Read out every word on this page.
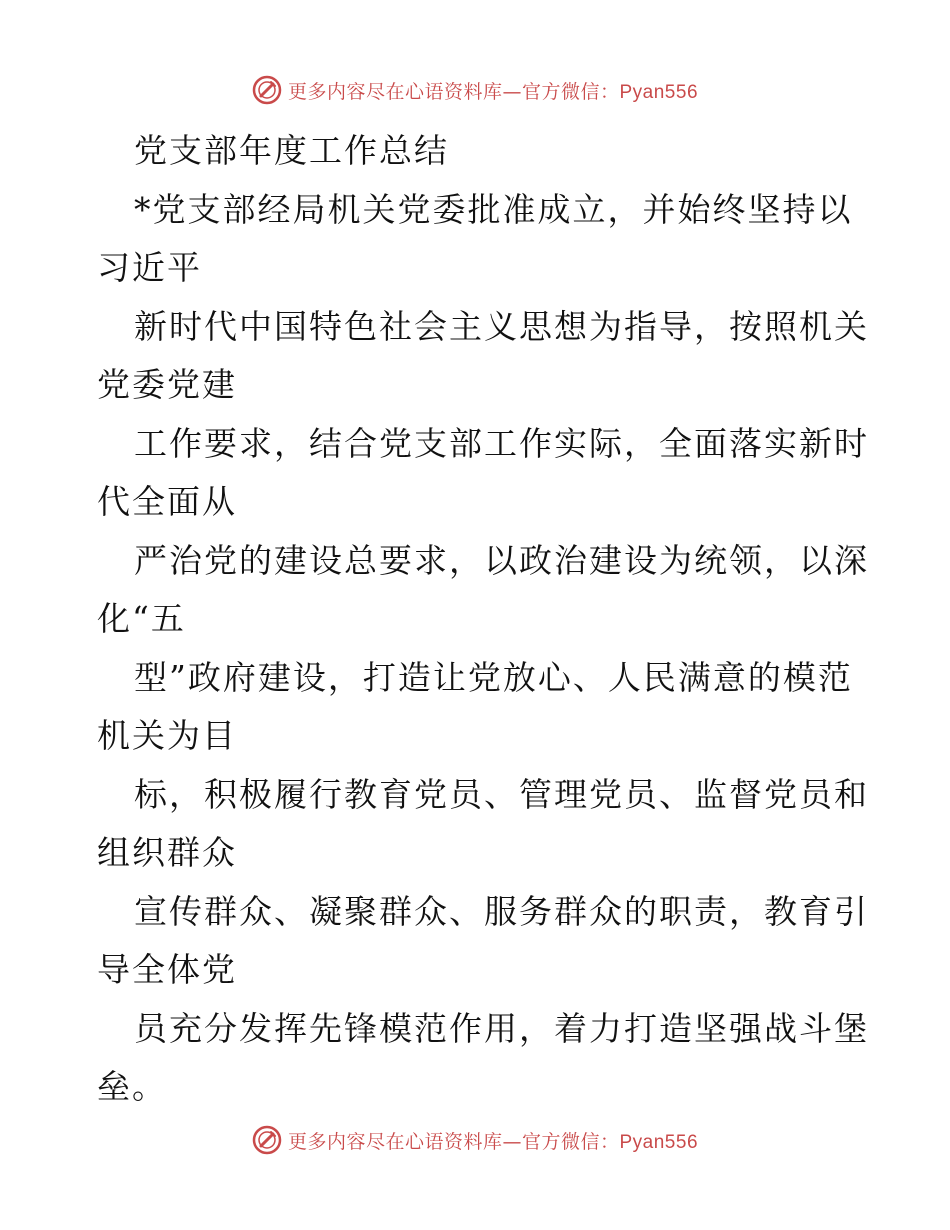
更多内容尽在心语资料库—官方微信：Pyan556
党支部年度工作总结
*党支部经局机关党委批准成立，并始终坚持以
习近平
新时代中国特色社会主义思想为指导，按照机关
党委党建
工作要求，结合党支部工作实际，全面落实新时
代全面从
严治党的建设总要求，以政治建设为统领，以深
化“五
型”政府建设，打造让党放心、人民满意的模范
机关为目
标，积极履行教育党员、管理党员、监督党员和
组织群众
宣传群众、凝聚群众、服务群众的职责，教育引
导全体党
员充分发挥先锋模范作用，着力打造坚强战斗堡
垒。
更多内容尽在心语资料库—官方微信：Pyan556
